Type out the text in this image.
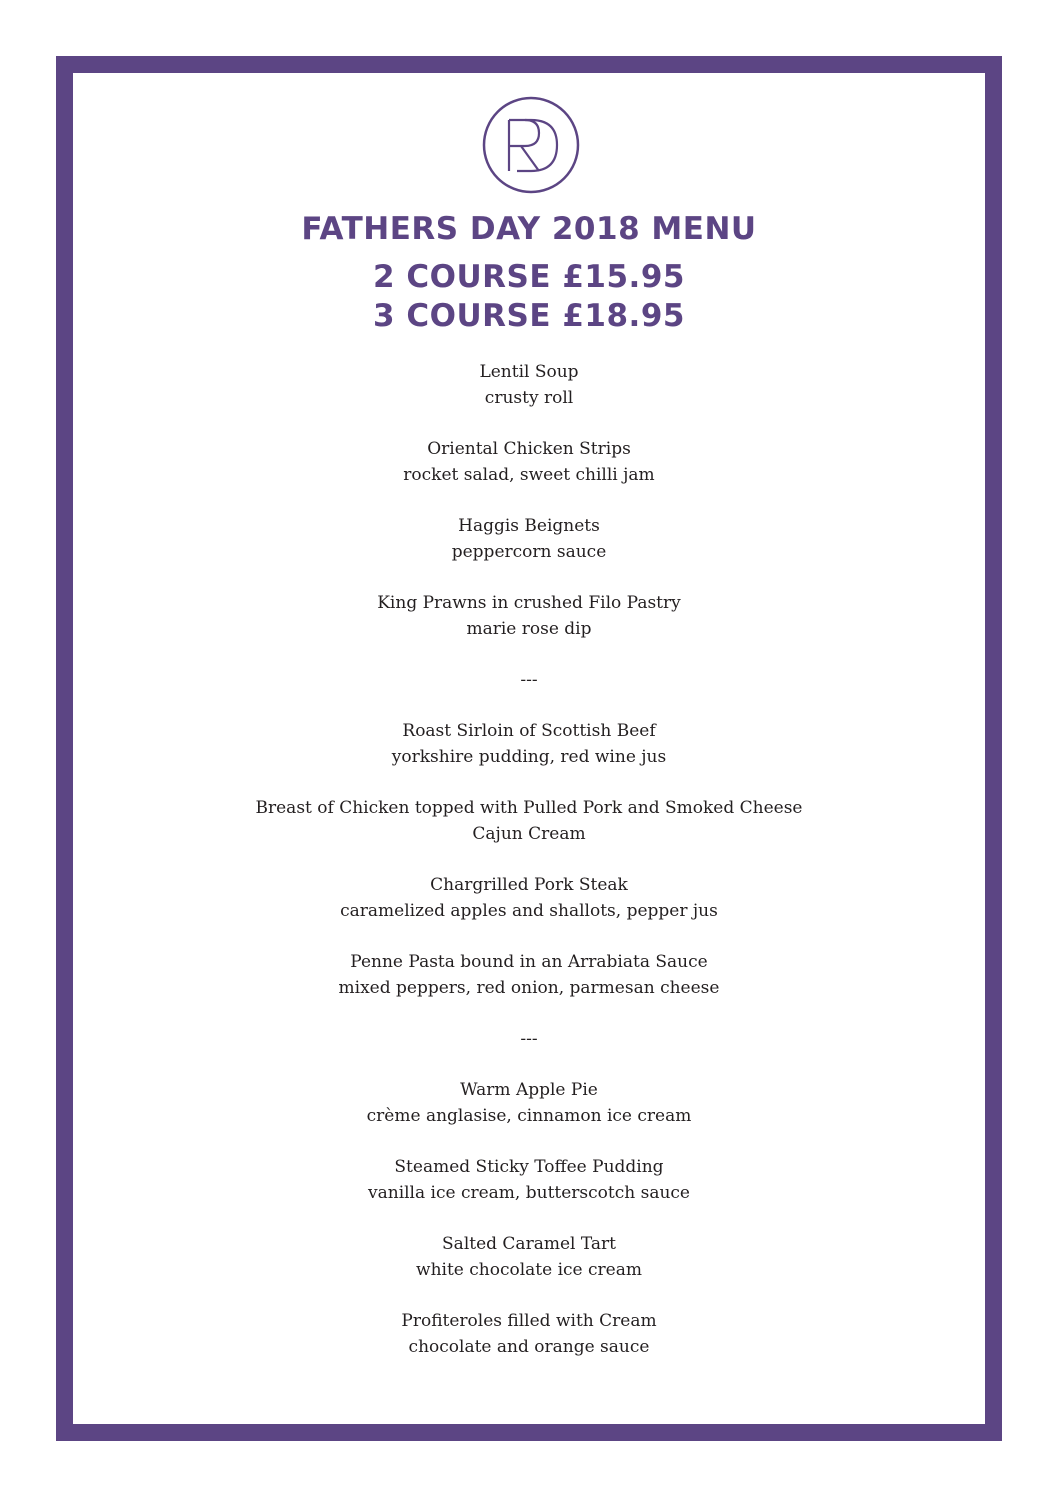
FATHERS DAY 2018 MENU
2 COURSE £15.95
3 COURSE £18.95
Lentil Soup
crusty roll
Oriental Chicken Strips
rocket salad, sweet chilli jam
Haggis Beignets
peppercorn sauce
King Prawns in crushed Filo Pastry
marie rose dip
---
Roast Sirloin of Scottish Beef
yorkshire pudding, red wine jus
Breast of Chicken topped with Pulled Pork and Smoked Cheese
Cajun Cream
Chargrilled Pork Steak
caramelized apples and shallots, pepper jus
Penne Pasta bound in an Arrabiata Sauce
mixed peppers, red onion, parmesan cheese
---
Warm Apple Pie
crème anglasise, cinnamon ice cream
Steamed Sticky Toffee Pudding
vanilla ice cream, butterscotch sauce
Salted Caramel Tart
white chocolate ice cream
Profiteroles filled with Cream
chocolate and orange sauce
